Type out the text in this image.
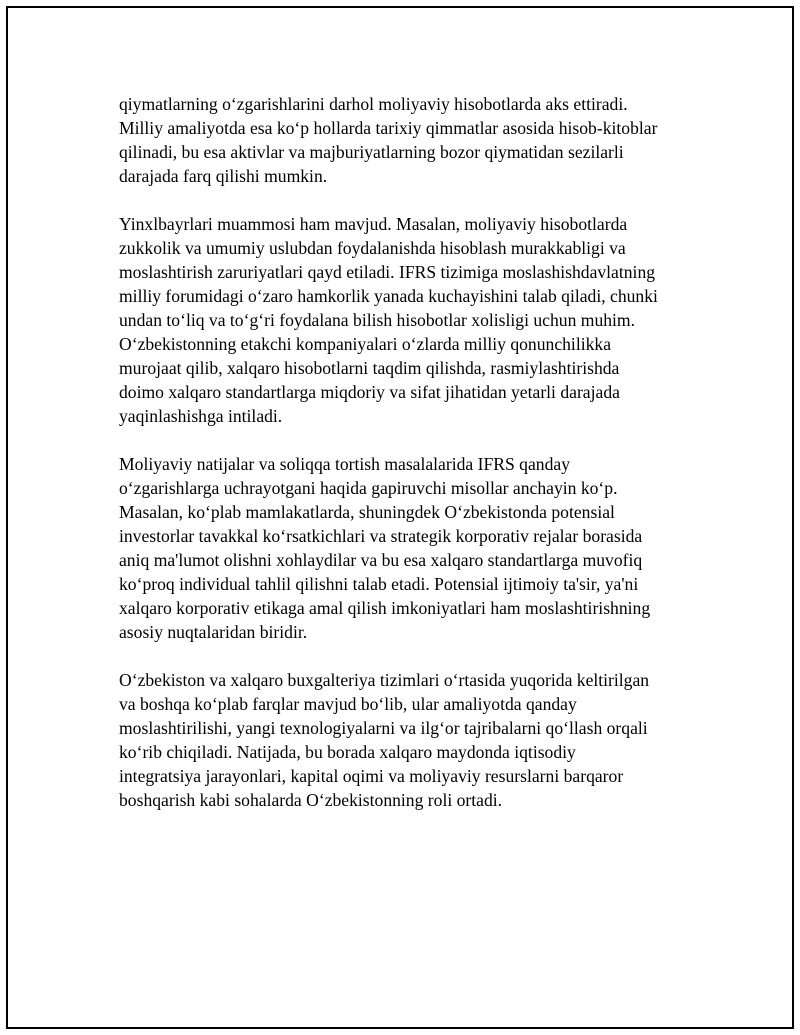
qiymatlarning o‘zgarishlarini darhol moliyaviy hisobotlarda aks ettiradi.
Milliy amaliyotda esa ko‘p hollarda tarixiy qimmatlar asosida hisob-kitoblar
qilinadi, bu esa aktivlar va majburiyatlarning bozor qiymatidan sezilarli
darajada farq qilishi mumkin.

Yinxlbayrlari muammosi ham mavjud. Masalan, moliyaviy hisobotlarda
zukkolik va umumiy uslubdan foydalanishda hisoblash murakkabligi va
moslashtirish zaruriyatlari qayd etiladi. IFRS tizimiga moslashishdavlatning
milliy forumidagi o‘zaro hamkorlik yanada kuchayishini talab qiladi, chunki
undan to‘liq va to‘g‘ri foydalana bilish hisobotlar xolisligi uchun muhim.
O‘zbekistonning etakchi kompaniyalari o‘zlarda milliy qonunchilikka
murojaat qilib, xalqaro hisobotlarni taqdim qilishda, rasmiylashtirishda
doimo xalqaro standartlarga miqdoriy va sifat jihatidan yetarli darajada
yaqinlashishga intiladi.

Moliyaviy natijalar va soliqqa tortish masalalarida IFRS qanday
o‘zgarishlarga uchrayotgani haqida gapiruvchi misollar anchayin ko‘p.
Masalan, ko‘plab mamlakatlarda, shuningdek O‘zbekistonda potensial
investorlar tavakkal ko‘rsatkichlari va strategik korporativ rejalar borasida
aniq ma'lumot olishni xohlaydilar va bu esa xalqaro standartlarga muvofiq
ko‘proq individual tahlil qilishni talab etadi. Potensial ijtimoiy ta'sir, ya'ni
xalqaro korporativ etikaga amal qilish imkoniyatlari ham moslashtirishning
asosiy nuqtalaridan biridir.

O‘zbekiston va xalqaro buxgalteriya tizimlari o‘rtasida yuqorida keltirilgan
va boshqa ko‘plab farqlar mavjud bo‘lib, ular amaliyotda qanday
moslashtirilishi, yangi texnologiyalarni va ilg‘or tajribalarni qo‘llash orqali
ko‘rib chiqiladi. Natijada, bu borada xalqaro maydonda iqtisodiy
integratsiya jarayonlari, kapital oqimi va moliyaviy resurslarni barqaror
boshqarish kabi sohalarda O‘zbekistonning roli ortadi.
